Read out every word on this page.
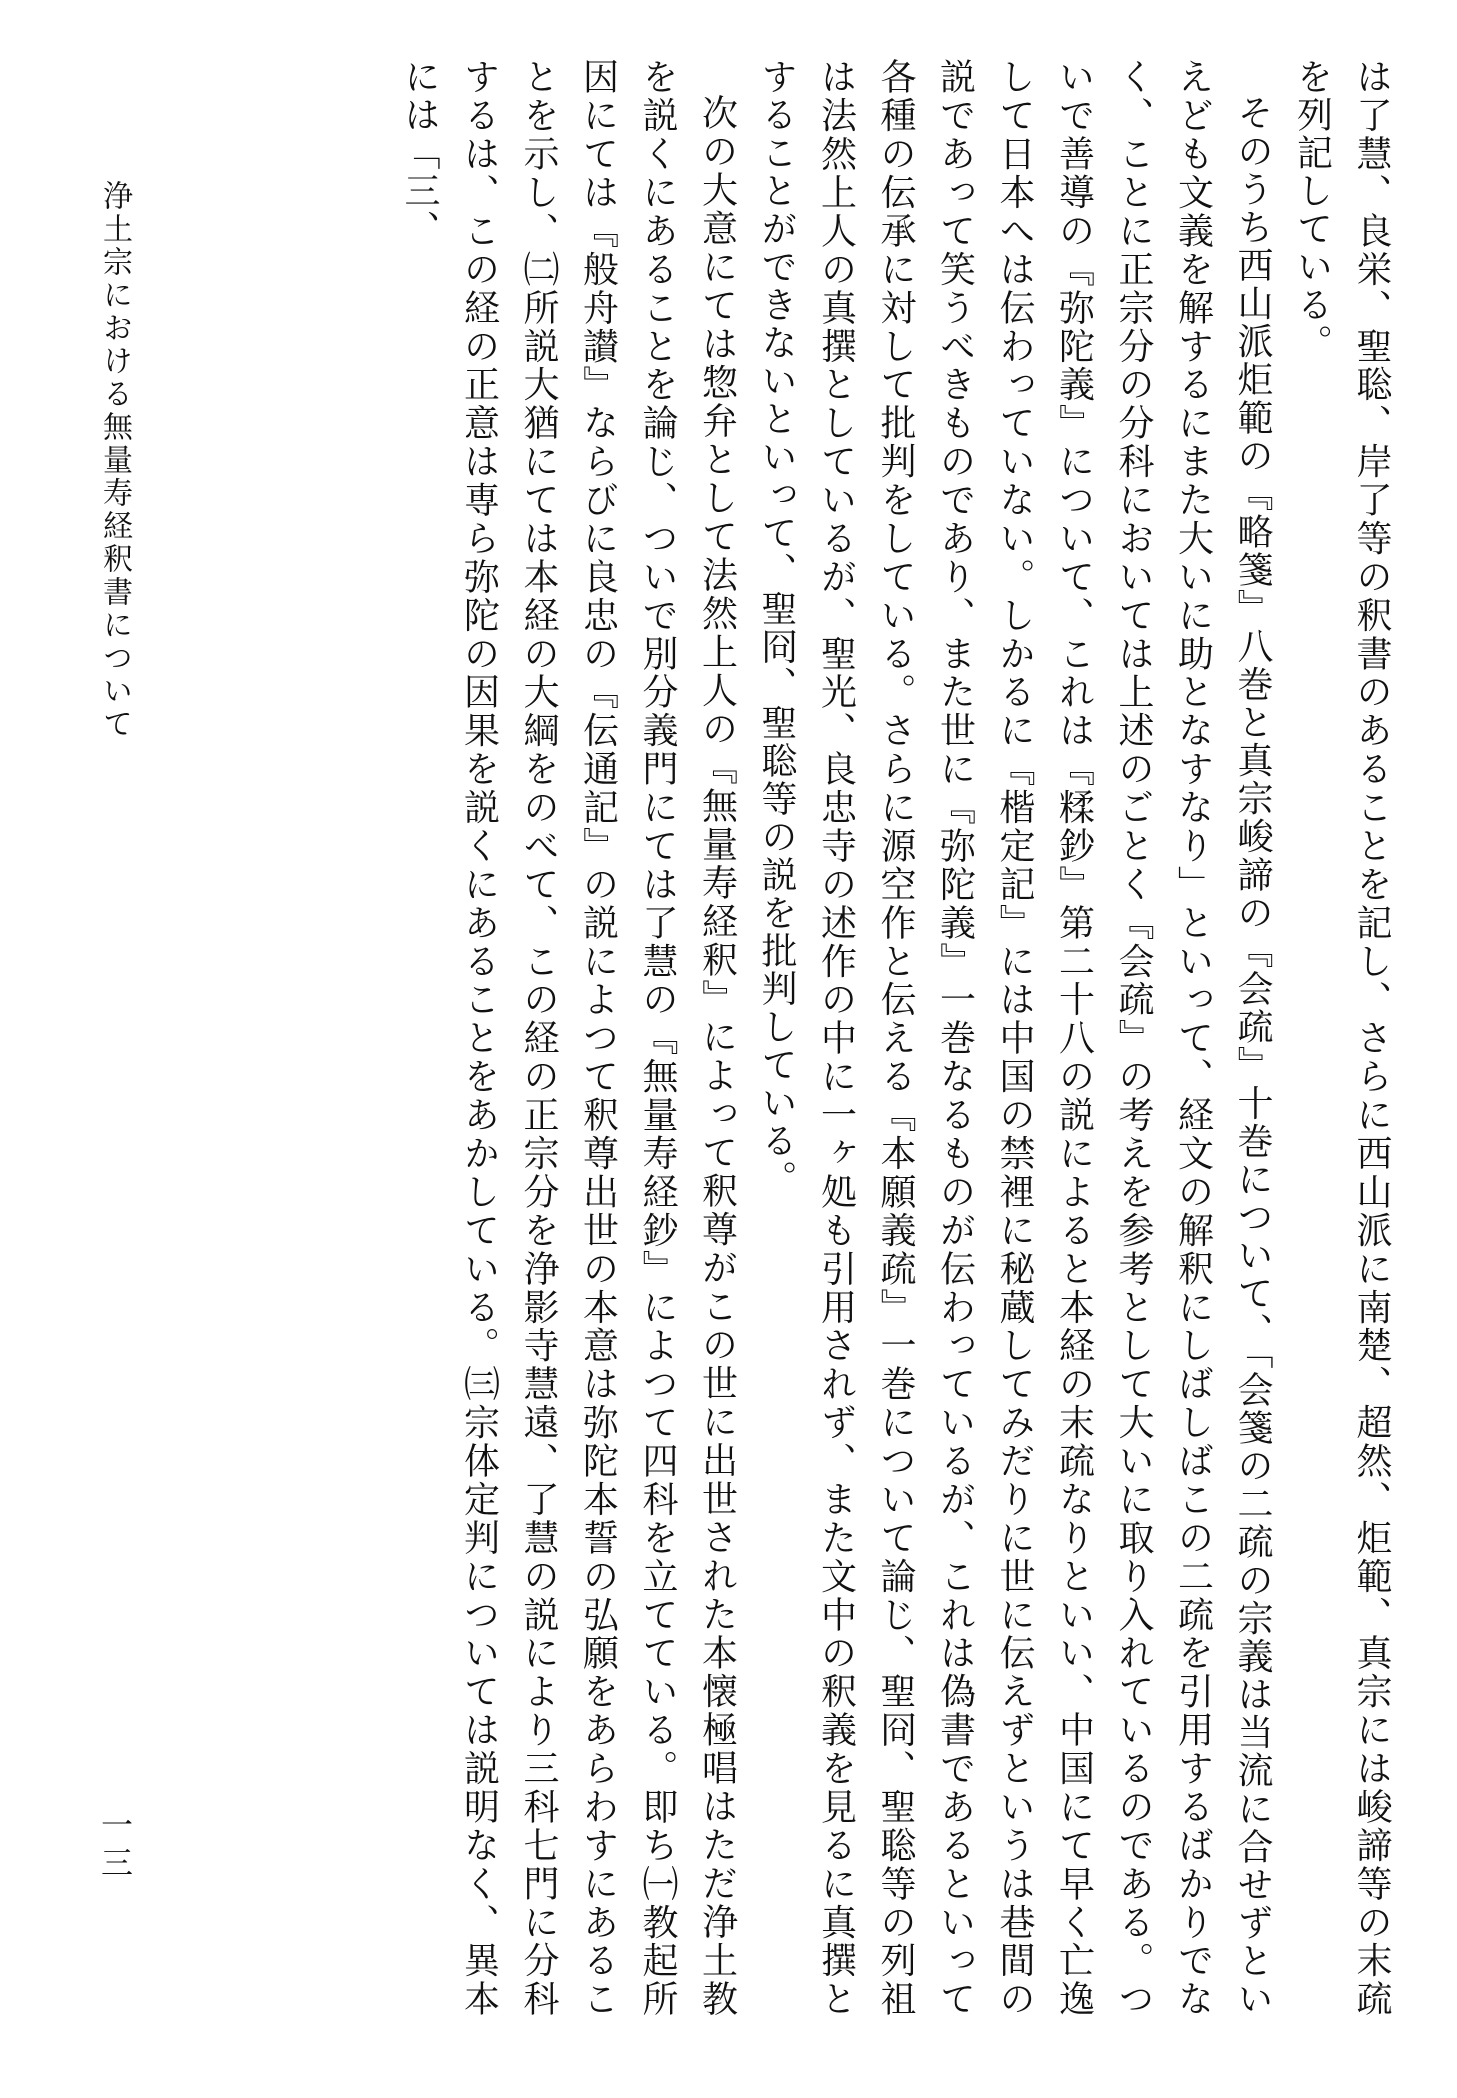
は了慧、良栄、聖聡、岸了等の釈書のあることを記し、さらに西山派に南楚、超然、炬範、真宗には峻諦等の末疏を列記している。

そのうち西山派炬範の『略箋』八巻と真宗峻諦の『会疏』十巻について、「会箋の二疏の宗義は当流に合せずといえども文義を解するにまた大いに助となすなり」といって、経文の解釈にしばしばこの二疏を引用するばかりでなく、ことに正宗分の分科においては上述のごとく『会疏』の考えを参考として大いに取り入れているのである。ついで善導の『弥陀義』について、これは『糅鈔』第二十八の説によると本経の末疏なりといい、中国にて早く亡逸して日本へは伝わっていない。しかるに『楷定記』には中国の禁裡に秘蔵してみだりに世に伝えずというは巷間の説であって笑うべきものであり、また世に『弥陀義』一巻なるものが伝わっているが、これは偽書であるといって各種の伝承に対して批判をしている。さらに源空作と伝える『本願義疏』一巻について論じ、聖冏、聖聡等の列祖は法然上人の真撰としているが、聖光、良忠寺の述作の中に一ヶ処も引用されず、また文中の釈義を見るに真撰とすることができないといって、聖冏、聖聡等の説を批判している。

次の大意にては惣弁として法然上人の『無量寿経釈』によって釈尊がこの世に出世された本懐極唱はただ浄土教を説くにあることを論じ、ついで別分義門にては了慧の『無量寿経鈔』によつて四科を立てている。即ち㈠教起所因にては『般舟讃』ならびに良忠の『伝通記』の説によつて釈尊出世の本意は弥陀本誓の弘願をあらわすにあることを示し、㈡所説大猶にては本経の大綱をのべて、この経の正宗分を浄影寺慧遠、了慧の説により三科七門に分科するは、この経の正意は専ら弥陀の因果を説くにあることをあかしている。㈢宗体定判については説明なく、異本には「三、

浄土宗における無量寿経釈書について
一三
